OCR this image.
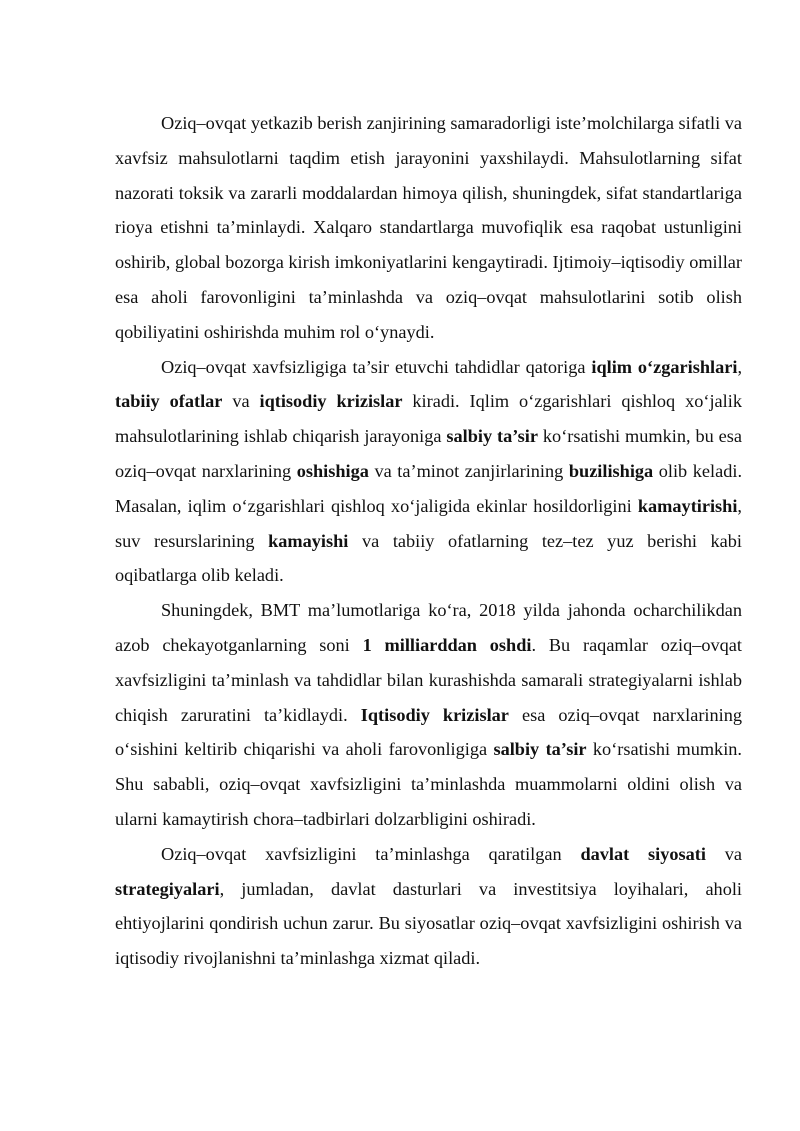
Oziq–ovqat yetkazib berish zanjirining samaradorligi iste’molchilarga sifatli va xavfsiz mahsulotlarni taqdim etish jarayonini yaxshilaydi. Mahsulotlarning sifat nazorati toksik va zararli moddalardan himoya qilish, shuningdek, sifat standartlariga rioya etishni ta’minlaydi. Xalqaro standartlarga muvofiqlik esa raqobat ustunligini oshirib, global bozorga kirish imkoniyatlarini kengaytiradi. Ijtimoiy–iqtisodiy omillar esa aholi farovonligini ta’minlashda va oziq–ovqat mahsulotlarini sotib olish qobiliyatini oshirishda muhim rol o‘ynaydi.

Oziq–ovqat xavfsizligiga ta’sir etuvchi tahdidlar qatoriga iqlim o‘zgarishlari, tabiiy ofatlar va iqtisodiy krizislar kiradi. Iqlim o‘zgarishlari qishloq xo‘jalik mahsulotlarining ishlab chiqarish jarayoniga salbiy ta’sir ko‘rsatishi mumkin, bu esa oziq–ovqat narxlarining oshishiga va ta’minot zanjirlarining buzilishiga olib keladi. Masalan, iqlim o‘zgarishlari qishloq xo‘jaligida ekinlar hosildorligini kamaytirishi, suv resurslarining kamayishi va tabiiy ofatlarning tez–tez yuz berishi kabi oqibatlarga olib keladi.

Shuningdek, BMT ma’lumotlariga ko‘ra, 2018 yilda jahonda ocharchilikdan azob chekayotganlarning soni 1 milliarddan oshdi. Bu raqamlar oziq–ovqat xavfsizligini ta’minlash va tahdidlar bilan kurashishda samarali strategiyalarni ishlab chiqish zaruratini ta’kidlaydi. Iqtisodiy krizislar esa oziq–ovqat narxlarining o‘sishini keltirib chiqarishi va aholi farovonligiga salbiy ta’sir ko‘rsatishi mumkin. Shu sababli, oziq–ovqat xavfsizligini ta’minlashda muammolarni oldini olish va ularni kamaytirish chora–tadbirlari dolzarbligini oshiradi.

Oziq–ovqat xavfsizligini ta’minlashga qaratilgan davlat siyosati va strategiyalari, jumladan, davlat dasturlari va investitsiya loyihalari, aholi ehtiyojlarini qondirish uchun zarur. Bu siyosatlar oziq–ovqat xavfsizligini oshirish va iqtisodiy rivojlanishni ta’minlashga xizmat qiladi.
